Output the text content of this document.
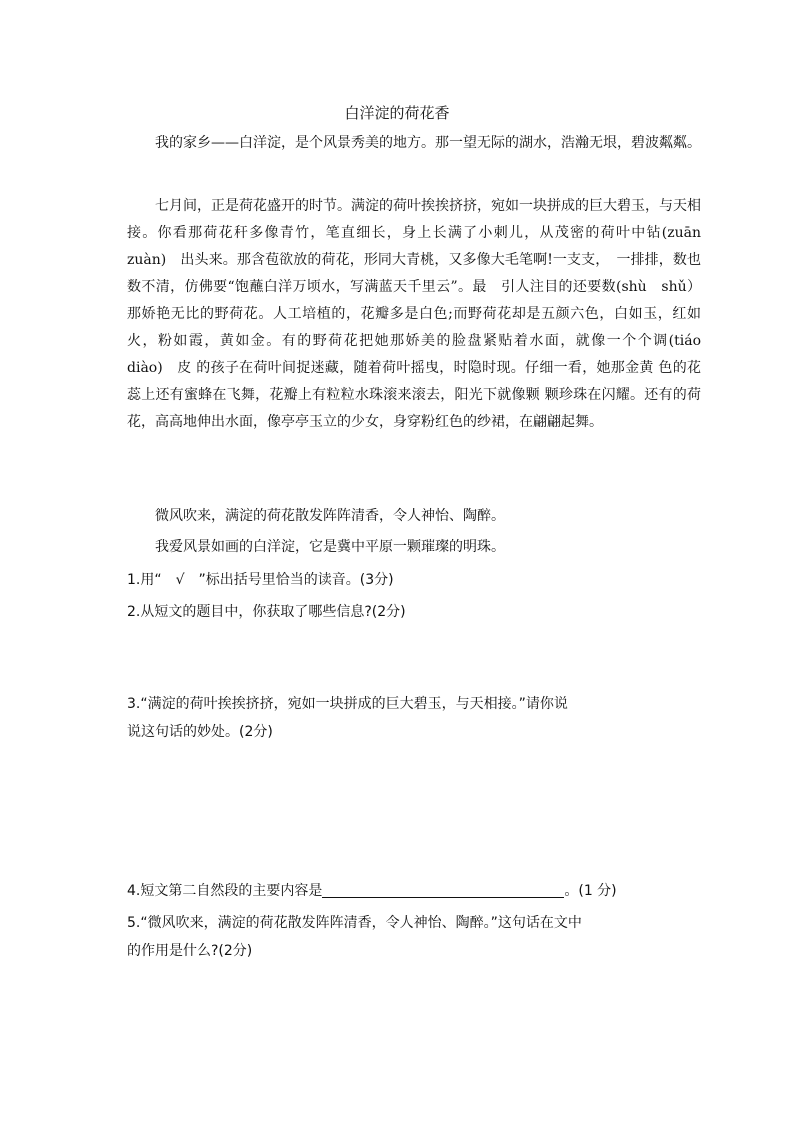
白洋淀的荷花香
我的家乡——白洋淀，是个风景秀美的地方。那一望无际的湖水，浩瀚无垠，碧波粼粼。
七月间，正是荷花盛开的时节。满淀的荷叶挨挨挤挤，宛如一块拼成的巨大碧玉，与天相接。你看那荷花秆多像青竹，笔直细长，身上长满了小刺儿，从茂密的荷叶中钻(zuān　zuàn)　出头来。那含苞欲放的荷花，形同大青桃，又多像大毛笔啊!一支支，　一排排，数也数不清，仿佛要“饱蘸白洋万顷水，写满蓝天千里云”。最　引人注目的还要数(shù　shǔ）那娇艳无比的野荷花。人工培植的，花瓣多是白色;而野荷花却是五颜六色，白如玉，红如火，粉如霞，黄如金。有的野荷花把她那娇美的脸盘紧贴着水面，就像一个个调(tiáo　　diào)　皮 的孩子在荷叶间捉迷藏，随着荷叶摇曳，时隐时现。仔细一看，她那金黄 色的花蕊上还有蜜蜂在飞舞，花瓣上有粒粒水珠滚来滚去，阳光下就像颗 颗珍珠在闪耀。还有的荷花，高高地伸出水面，像亭亭玉立的少女，身穿粉红色的纱裙，在翩翩起舞。
微风吹来，满淀的荷花散发阵阵清香，令人神怡、陶醉。
我爱风景如画的白洋淀，它是冀中平原一颗璀璨的明珠。
1.用“　√　”标出括号里恰当的读音。(3分)
2.从短文的题目中，你获取了哪些信息?(2分)
3.“满淀的荷叶挨挨挤挤，宛如一块拼成的巨大碧玉，与天相接。”请你说
说这句话的妙处。(2分)
4.短文第二自然段的主要内容是	。(1 分)
5.“微风吹来，满淀的荷花散发阵阵清香，令人神怡、陶醉。”这句话在文中
的作用是什么?(2分)
